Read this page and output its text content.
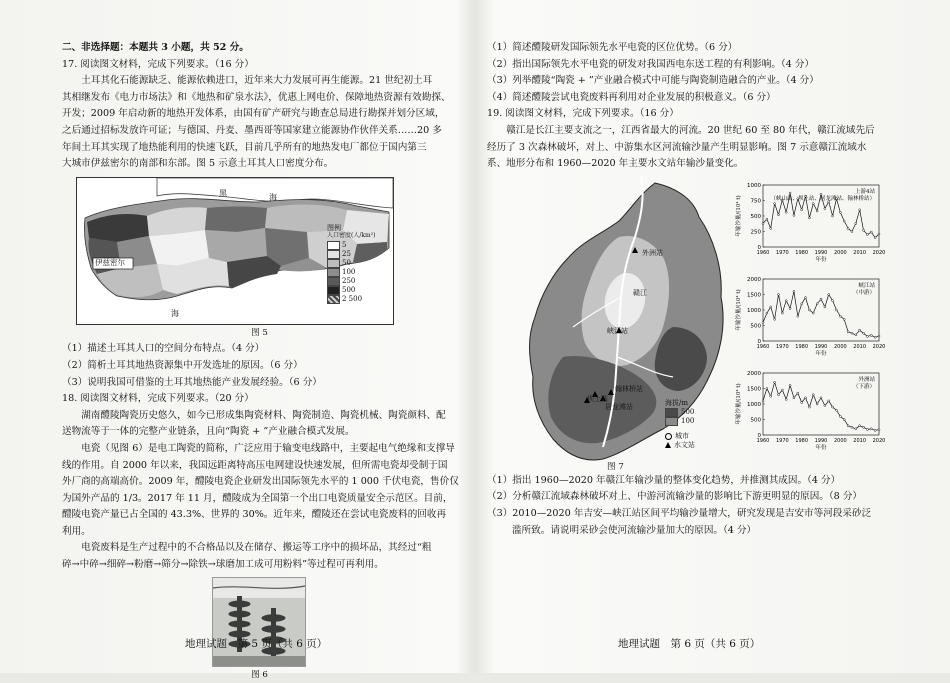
二、非选择题：本题共 3 小题，共 52 分。
17. 阅读图文材料，完成下列要求。（16 分）
土耳其化石能源缺乏、能源依赖进口，近年来大力发展可再生能源。21 世纪初土耳
其相继发布《电力市场法》和《地热和矿泉水法》，优惠上网电价、保障地热资源有效勘探、
开发；2009 年启动新的地热开发体系，由国有矿产研究与勘查总局进行勘探并划分区域，
之后通过招标发放许可证；与德国、丹麦、墨西哥等国家建立能源协作伙伴关系……20 多
年间土耳其实现了地热能利用的快速飞跃，目前几乎所有的地热发电厂都位于国内第三
大城市伊兹密尔的南部和东部。图 5 示意土耳其人口密度分布。
黑	海
海
伊兹密尔
图例
人口密度(人/km²)
5
25
50
100
250
500
2 500
图 5
（1）描述土耳其人口的空间分布特点。（4 分）
（2）简析土耳其地热资源集中开发选址的原因。（6 分）
（3）说明我国可借鉴的土耳其地热能产业发展经验。（6 分）
18. 阅读图文材料，完成下列要求。（20 分）
湖南醴陵陶瓷历史悠久，如今已形成集陶瓷材料、陶瓷制造、陶瓷机械、陶瓷颜料、配
送物流等于一体的完整产业链条，且向“陶瓷 + ”产业融合模式发展。
电瓷（见图 6）是电工陶瓷的简称，广泛应用于输变电线路中，主要起电气绝缘和支撑导
线的作用。自 2000 年以来，我国远距离特高压电网建设快速发展，但所需电瓷却受制于国
外厂商的高端高价。2009 年，醴陵电瓷企业研发出国际领先水平的 1 000 千伏电瓷，售价仅
为国外产品的 1/3。2017 年 11 月，醴陵成为全国第一个出口电瓷质量安全示范区。目前，
醴陵电瓷产量已占全国的 43.3%、世界的 30%。近年来，醴陵还在尝试电瓷废料的回收再
利用。
电瓷废料是生产过程中的不合格品以及在储存、搬运等工序中的损坏品，其经过“粗
碎→中碎→细碎→粉磨→筛分→除铁→球磨加工成可用粉料”等过程可再利用。
图 6
地理试题　第 5 页（共 6 页）
（1）简述醴陵研发国际领先水平电瓷的区位优势。（6 分）
（2）指出国际领先水平电瓷的研发对我国西电东送工程的有利影响。（4 分）
（3）列举醴陵“陶瓷 + ”产业融合模式中可能与陶瓷制造融合的产业。（4 分）
（4）简述醴陵尝试电瓷废料再利用对企业发展的积极意义。（6 分）
19. 阅读图文材料，完成下列要求。（16 分）
赣江是长江主要支流之一，江西省最大的河流。20 世纪 60 至 80 年代，赣江流域先后
经历了 3 次森林破坏，对上、中游集水区河流输沙量产生明显影响。图 7 示意赣江流域水
系、地形分布和 1960—2020 年主要水文站年输沙量变化。
外洲站
峡江站
翰林桥站
坝上站
居龙滩站
赣江
海拔/m
500
100
城市
水文站
0
250
500
750
1000
1960 1970 1980 1990 2000 2010 2020
年份
年输沙量/(10⁴ t)
上游4站
（峡山站、坝上站、居龙滩站、翰林桥站）
0
500
1000
1500
2000
1960 1970 1980 1990 2000 2010 2020
年份
年输沙量/(10⁴ t)
峡江站
（中游）
0
500
1000
1500
2000
1960 1970 1980 1990 2000 2010 2020
年份
年输沙量/(10⁴ t)
外洲站
（下游）
图 7
（1）指出 1960—2020 年赣江年输沙量的整体变化趋势，并推测其成因。（4 分）
（2）分析赣江流域森林破坏对上、中游河流输沙量的影响比下游更明显的原因。（8 分）
（3）2010—2020 年吉安—峡江站区间平均输沙量增大，研究发现是吉安市等河段采砂泛
滥所致。请说明采砂会使河流输沙量加大的原因。（4 分）
地理试题　第 6 页（共 6 页）
